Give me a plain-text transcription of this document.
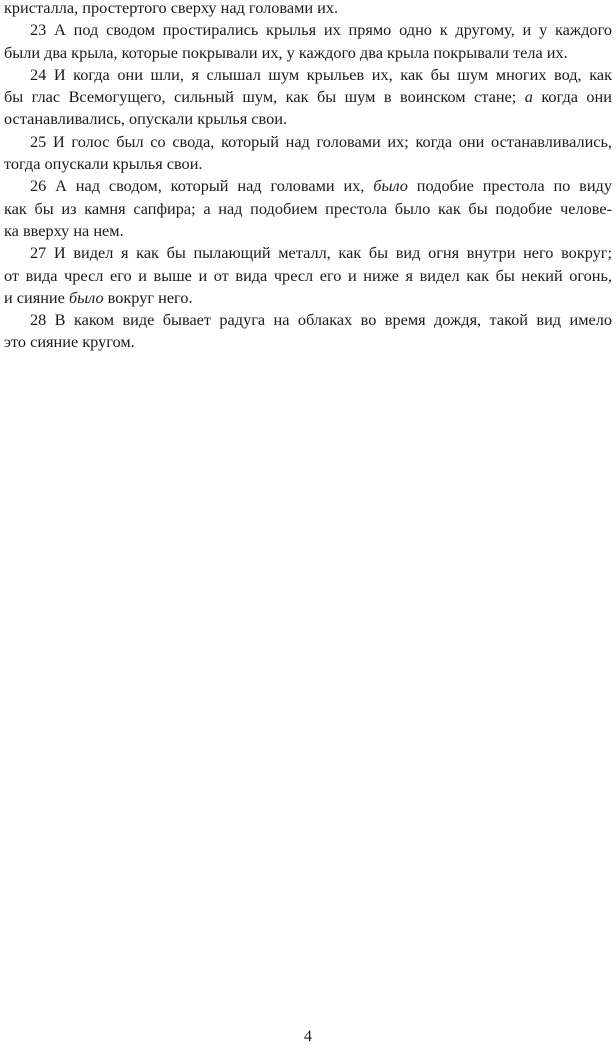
кристалла, простертого сверху над головами их.

23 А под сводом простирались крылья их прямо одно к другому, и у каждого
были два крыла, которые покрывали их, у каждого два крыла покрывали тела их.

24 И когда они шли, я слышал шум крыльев их, как бы шум многих вод, как
бы глас Всемогущего, сильный шум, как бы шум в воинском стане; а когда они
останавливались, опускали крылья свои.

25 И голос был со свода, который над головами их; когда они останавливались,
тогда опускали крылья свои.

26 А над сводом, который над головами их, было подобие престола по виду
как бы из камня сапфира; а над подобием престола было как бы подобие челове-
ка вверху на нем.

27 И видел я как бы пылающий металл, как бы вид огня внутри него вокруг;
от вида чресл его и выше и от вида чресл его и ниже я видел как бы некий огонь,
и сияние было вокруг него.

28 В каком виде бывает радуга на облаках во время дождя, такой вид имело
это сияние кругом.

4
